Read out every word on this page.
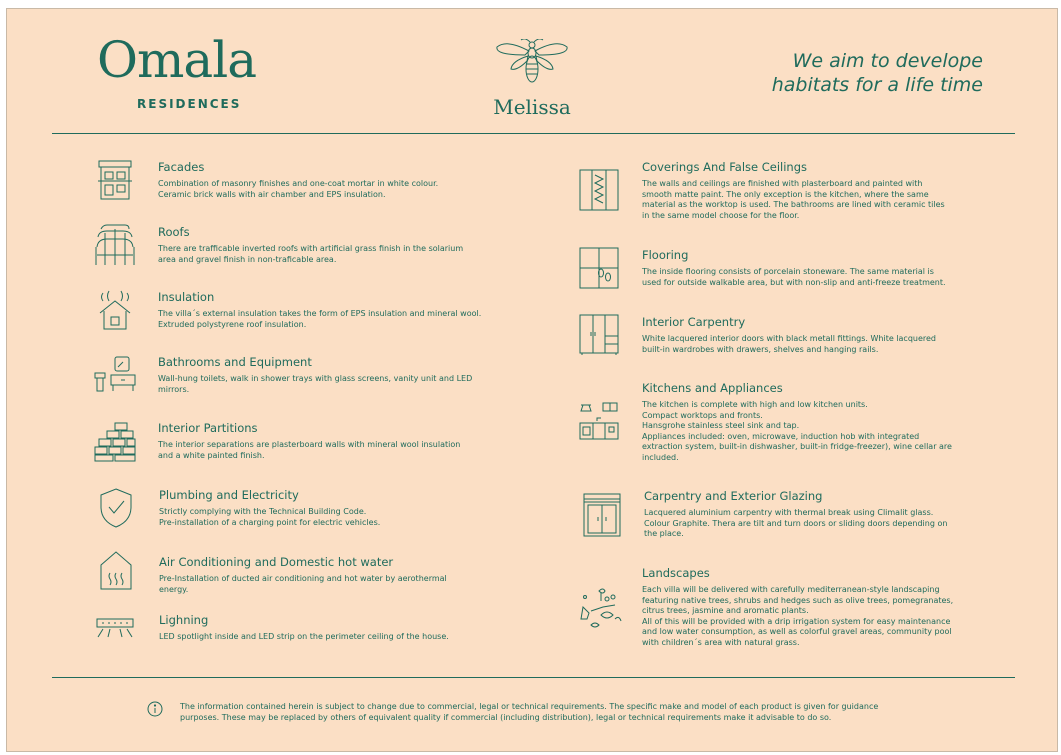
Omala
RESIDENCES	Melissa
We aim to develope
habitats for a life time
Facades
Combination of masonry finishes and one-coat mortar in white colour.
Ceramic brick walls with air chamber and EPS insulation.
Roofs
There are trafficable inverted roofs with artificial grass finish in the solarium
area and gravel finish in non-traficable area.
Insulation
The villa´s external insulation takes the form of EPS insulation and mineral wool.
Extruded polystyrene roof insulation.
Bathrooms and Equipment
Wall-hung toilets, walk in shower trays with glass screens, vanity unit and LED
mirrors.
Interior Partitions
The interior separations are plasterboard walls with mineral wool insulation
and a white painted finish.
Plumbing and Electricity
Strictly complying with the Technical Building Code.
Pre-installation of a charging point for electric vehicles.
Air Conditioning and Domestic hot water
Pre-Installation of ducted air conditioning and hot water by aerothermal
energy.
Lighning
LED spotlight inside and LED strip on the perimeter ceiling of the house.
Coverings And False Ceilings
The walls and ceilings are finished with plasterboard and painted with
smooth matte paint. The only exception is the kitchen, where the same
material as the worktop is used. The bathrooms are lined with ceramic tiles
in the same model choose for the floor.
Flooring
The inside flooring consists of porcelain stoneware. The same material is
used for outside walkable area, but with non-slip and anti-freeze treatment.
Interior Carpentry
White lacquered interior doors with black metall fittings. White lacquered
built-in wardrobes with drawers, shelves and hanging rails.
Kitchens and Appliances
The kitchen is complete with high and low kitchen units.
Compact worktops and fronts.
Hansgrohe stainless steel sink and tap.
Appliances included: oven, microwave, induction hob with integrated
extraction system, built-in dishwasher, built-in fridge-freezer), wine cellar are
included.
Carpentry and Exterior Glazing
Lacquered aluminium carpentry with thermal break using Climalit glass.
Colour Graphite. Thera are tilt and turn doors or sliding doors depending on
the place.
Landscapes
Each villa will be delivered with carefully mediterranean-style landscaping
featuring native trees, shrubs and hedges such as olive trees, pomegranates,
citrus trees, jasmine and aromatic plants.
All of this will be provided with a drip irrigation system for easy maintenance
and low water consumption, as well as colorful gravel areas, community pool
with children´s area with natural grass.
The information contained herein is subject to change due to commercial, legal or technical requirements. The specific make and model of each product is given for guidance
purposes. These may be replaced by others of equivalent quality if commercial (including distribution), legal or technical requirements make it advisable to do so.
